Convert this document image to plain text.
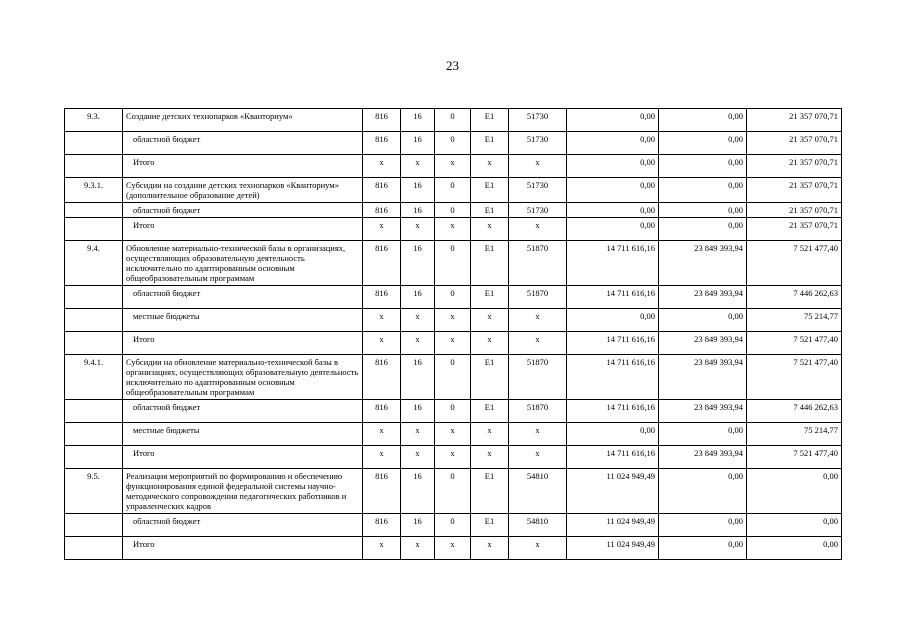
23
9.3.	Создание детских технопарков «Кванториум»	816	16	0	E1	51730	0,00	0,00	21 357 070,71
	областной бюджет	816	16	0	E1	51730	0,00	0,00	21 357 070,71
	Итого	x	x	x	x	x	0,00	0,00	21 357 070,71
9.3.1.	Субсидии на создание детских технопарков «Кванториум» (дополнительное образование детей)	816	16	0	E1	51730	0,00	0,00	21 357 070,71
	областной бюджет	816	16	0	E1	51730	0,00	0,00	21 357 070,71
	Итого	x	x	x	x	x	0,00	0,00	21 357 070,71
9.4.	Обновление материально-технической базы в организациях, осуществляющих образовательную деятельность исключительно по адаптированным основным общеобразовательным программам	816	16	0	E1	51870	14 711 616,16	23 849 393,94	7 521 477,40
	областной бюджет	816	16	0	E1	51870	14 711 616,16	23 849 393,94	7 446 262,63
	местные бюджеты	x	x	x	x	x	0,00	0,00	75 214,77
	Итого	x	x	x	x	x	14 711 616,16	23 849 393,94	7 521 477,40
9.4.1.	Субсидии на обновление материально-технической базы в организациях, осуществляющих образовательную деятельность исключительно по адаптированным основным общеобразовательным программам	816	16	0	E1	51870	14 711 616,16	23 849 393,94	7 521 477,40
	областной бюджет	816	16	0	E1	51870	14 711 616,16	23 849 393,94	7 446 262,63
	местные бюджеты	x	x	x	x	x	0,00	0,00	75 214,77
	Итого	x	x	x	x	x	14 711 616,16	23 849 393,94	7 521 477,40
9.5.	Реализация мероприятий по формированию и обеспечению функционирования единой федеральной системы научно-методического сопровождения педагогических работников и управленческих кадров	816	16	0	E1	54810	11 024 949,49	0,00	0,00
	областной бюджет	816	16	0	E1	54810	11 024 949,49	0,00	0,00
	Итого	x	x	x	x	x	11 024 949,49	0,00	0,00
